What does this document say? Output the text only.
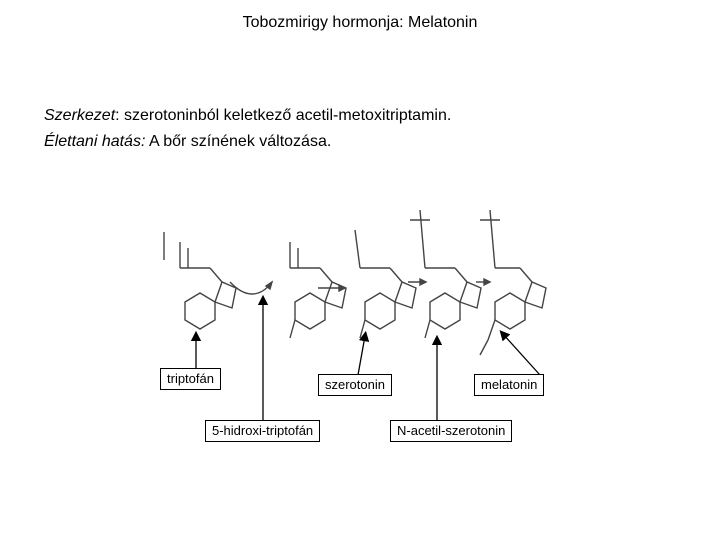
Tobozmirigy hormonja: Melatonin
Szerkezet: szerotoninból keletkező acetil-metoxitriptamin.
Élettani hatás: A bőr színének változása.
triptofán
5-hidroxi-triptofán
szerotonin
N-acetil-szerotonin
melatonin
